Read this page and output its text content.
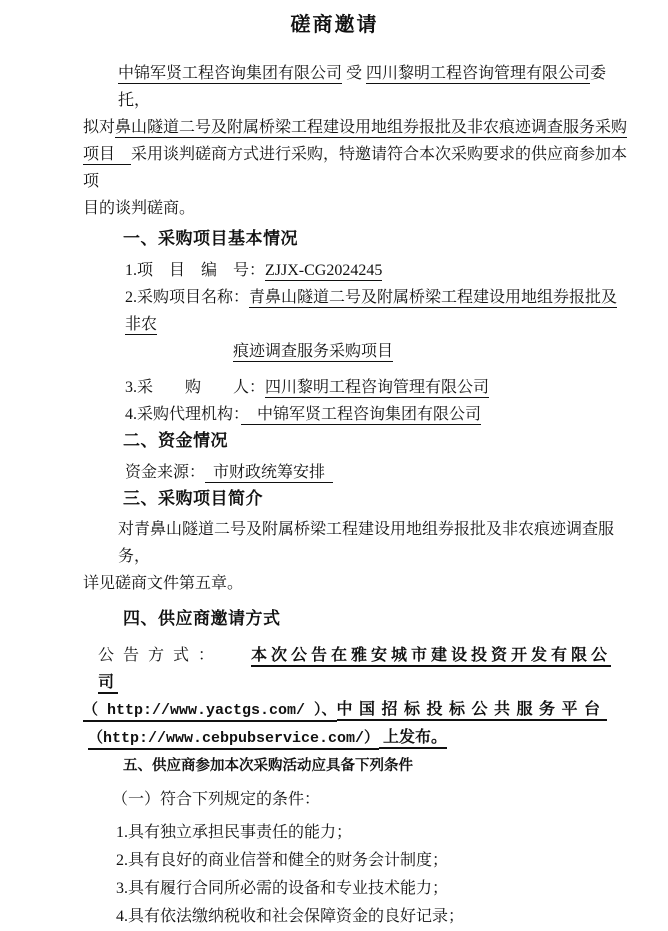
磋商邀请
中锦军贤工程咨询集团有限公司 受 四川黎明工程咨询管理有限公司委托，
拟对鼻山隧道二号及附属桥梁工程建设用地组券报批及非农痕迹调查服务采购
项目　采用谈判磋商方式进行采购，特邀请符合本次采购要求的供应商参加本项
目的谈判磋商。
一、采购项目基本情况
1.项　目　编　号：ZJJX-CG2024245
2.采购项目名称：青鼻山隧道二号及附属桥梁工程建设用地组券报批及非农
痕迹调查服务采购项目
3.采　　购　　人：四川黎明工程咨询管理有限公司
4.采购代理机构：　中锦军贤工程咨询集团有限公司
二、资金情况
资金来源：  市财政统筹安排
三、采购项目简介
对青鼻山隧道二号及附属桥梁工程建设用地组券报批及非农痕迹调查服务，
详见磋商文件第五章。
四、供应商邀请方式
公告方式： 本次公告在雅安城市建设投资开发有限公司
（ http://www.yactgs.com/ ）、中国招标投标公共服务平台
（http://www.cebpubservice.com/） 上发布。
五、供应商参加本次采购活动应具备下列条件
（一）符合下列规定的条件：
1.具有独立承担民事责任的能力；
2.具有良好的商业信誉和健全的财务会计制度；
3.具有履行合同所必需的设备和专业技术能力；
4.具有依法缴纳税收和社会保障资金的良好记录；
